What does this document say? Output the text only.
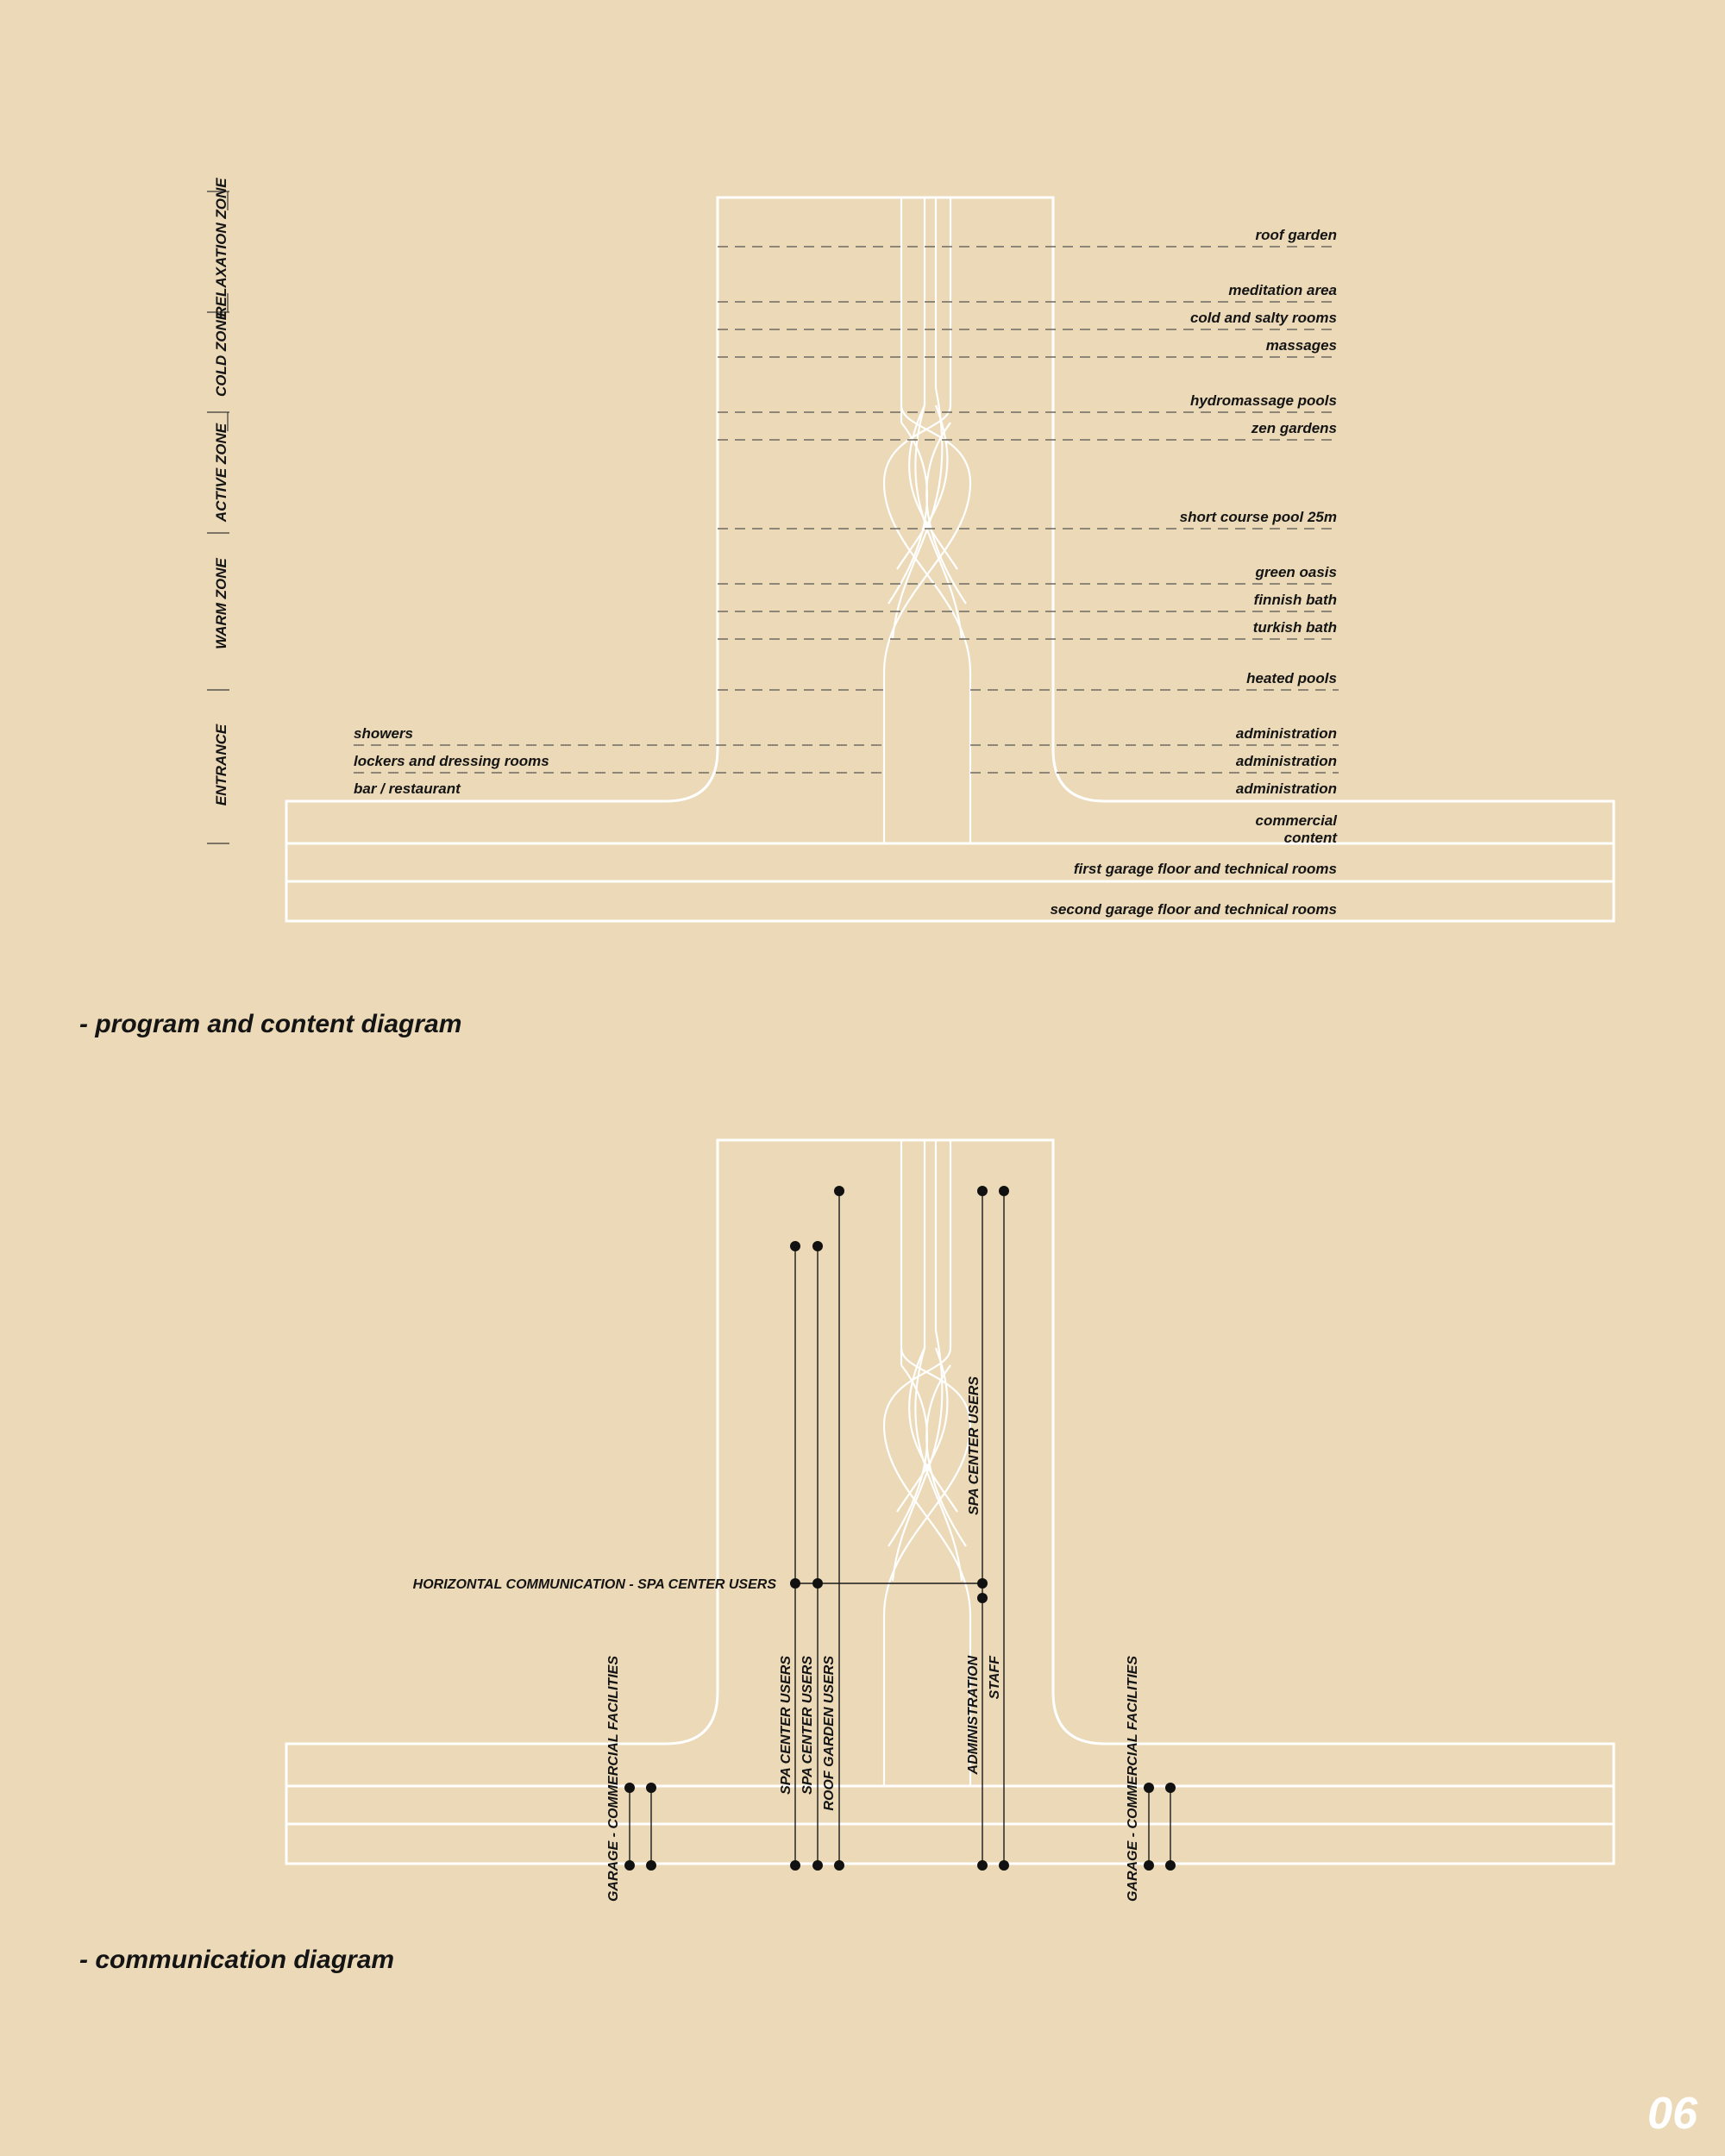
RELAXATION ZONE
COLD ZONE
ACTIVE ZONE
WARM ZONE
ENTRANCE
roof garden
meditation area
cold and salty rooms
massages
hydromassage pools
zen gardens
short course pool 25m
green oasis
finnish bath
turkish bath
heated pools
administration
administration
administration
commercial
content
first garage floor and technical rooms
second garage floor and technical rooms
showers
lockers and dressing rooms
bar / restaurant
- program and content diagram
HORIZONTAL COMMUNICATION - SPA CENTER USERS
GARAGE - COMMERCIAL FACILITIES	SPA CENTER USERS SPA CENTER USERS ROOF GARDEN USERS
SPA CENTER USERS
ADMINISTRATION STAFF	GARAGE - COMMERCIAL FACILITIES
- communication diagram
06
